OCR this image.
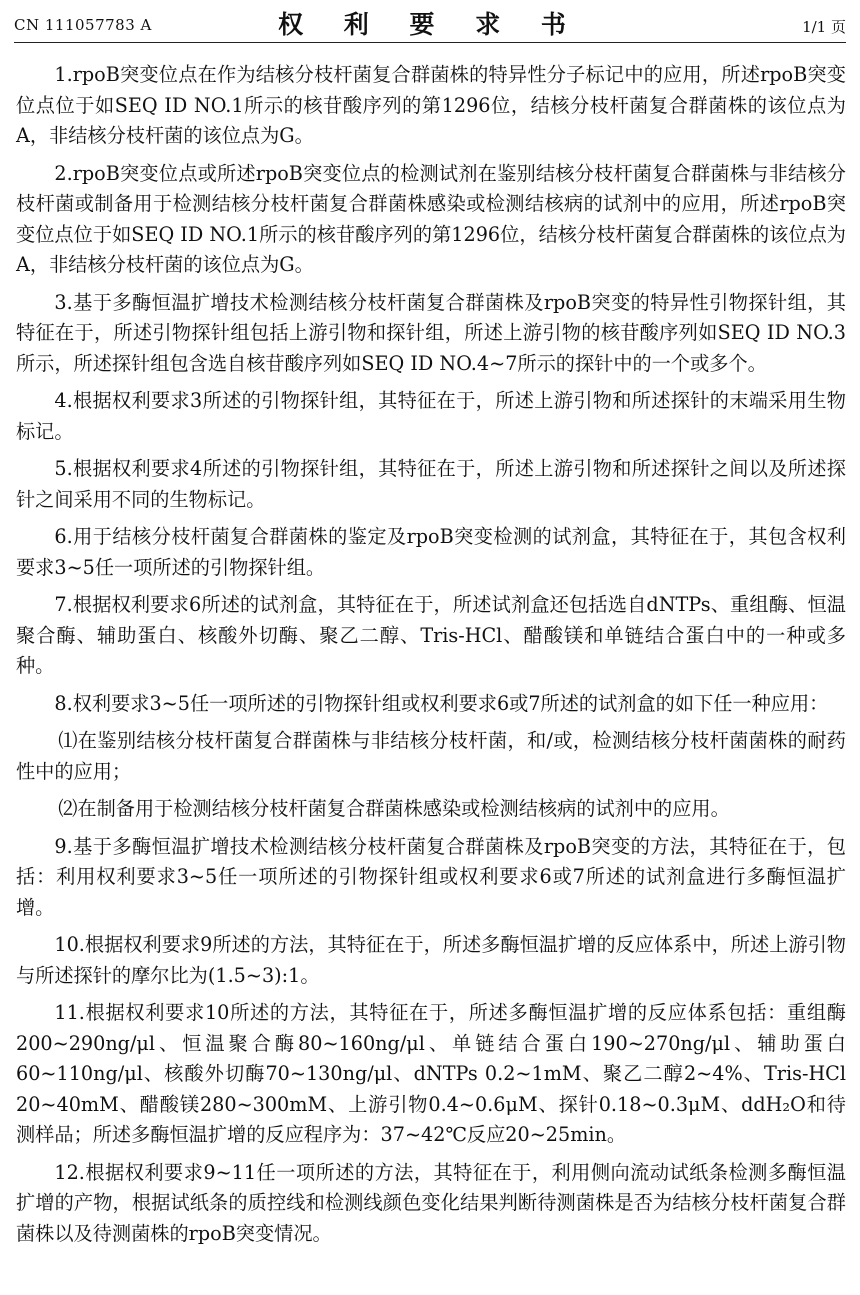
CN 111057783 A	权 利 要 求 书	1/1 页

1.rpoB突变位点在作为结核分枝杆菌复合群菌株的特异性分子标记中的应用，所述rpoB突变位点位于如SEQ ID NO.1所示的核苷酸序列的第1296位，结核分枝杆菌复合群菌株的该位点为A，非结核分枝杆菌的该位点为G。

2.rpoB突变位点或所述rpoB突变位点的检测试剂在鉴别结核分枝杆菌复合群菌株与非结核分枝杆菌或制备用于检测结核分枝杆菌复合群菌株感染或检测结核病的试剂中的应用，所述rpoB突变位点位于如SEQ ID NO.1所示的核苷酸序列的第1296位，结核分枝杆菌复合群菌株的该位点为A，非结核分枝杆菌的该位点为G。

3.基于多酶恒温扩增技术检测结核分枝杆菌复合群菌株及rpoB突变的特异性引物探针组，其特征在于，所述引物探针组包括上游引物和探针组，所述上游引物的核苷酸序列如SEQ ID NO.3所示，所述探针组包含选自核苷酸序列如SEQ ID NO.4~7所示的探针中的一个或多个。

4.根据权利要求3所述的引物探针组，其特征在于，所述上游引物和所述探针的末端采用生物标记。

5.根据权利要求4所述的引物探针组，其特征在于，所述上游引物和所述探针之间以及所述探针之间采用不同的生物标记。

6.用于结核分枝杆菌复合群菌株的鉴定及rpoB突变检测的试剂盒，其特征在于，其包含权利要求3~5任一项所述的引物探针组。

7.根据权利要求6所述的试剂盒，其特征在于，所述试剂盒还包括选自dNTPs、重组酶、恒温聚合酶、辅助蛋白、核酸外切酶、聚乙二醇、Tris-HCl、醋酸镁和单链结合蛋白中的一种或多种。

8.权利要求3~5任一项所述的引物探针组或权利要求6或7所述的试剂盒的如下任一种应用：

⑴在鉴别结核分枝杆菌复合群菌株与非结核分枝杆菌，和/或，检测结核分枝杆菌菌株的耐药性中的应用；

⑵在制备用于检测结核分枝杆菌复合群菌株感染或检测结核病的试剂中的应用。

9.基于多酶恒温扩增技术检测结核分枝杆菌复合群菌株及rpoB突变的方法，其特征在于，包括：利用权利要求3~5任一项所述的引物探针组或权利要求6或7所述的试剂盒进行多酶恒温扩增。

10.根据权利要求9所述的方法，其特征在于，所述多酶恒温扩增的反应体系中，所述上游引物与所述探针的摩尔比为(1.5~3):1。

11.根据权利要求10所述的方法，其特征在于，所述多酶恒温扩增的反应体系包括：重组酶200~290ng/μl、恒温聚合酶80~160ng/μl、单链结合蛋白190~270ng/μl、辅助蛋白60~110ng/μl、核酸外切酶70~130ng/μl、dNTPs 0.2~1mM、聚乙二醇2~4%、Tris-HCl 20~40mM、醋酸镁280~300mM、上游引物0.4~0.6μM、探针0.18~0.3μM、ddH₂O和待测样品；所述多酶恒温扩增的反应程序为：37~42℃反应20~25min。

12.根据权利要求9~11任一项所述的方法，其特征在于，利用侧向流动试纸条检测多酶恒温扩增的产物，根据试纸条的质控线和检测线颜色变化结果判断待测菌株是否为结核分枝杆菌复合群菌株以及待测菌株的rpoB突变情况。
